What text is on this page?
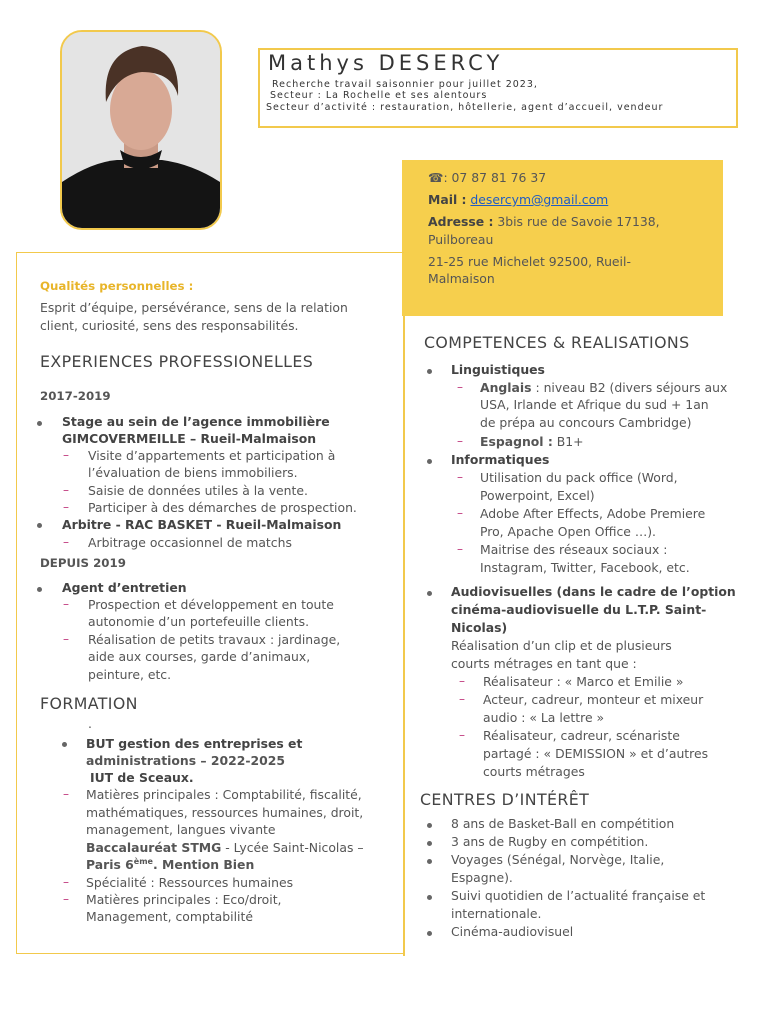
Mathys DESERCY
Recherche travail saisonnier pour juillet 2023,
Secteur : La Rochelle et ses alentours
Secteur d’activité : restauration, hôtellerie, agent d’accueil, vendeur
☎: 07 87 81 76 37
Mail : desercym@gmail.com
Adresse : 3bis rue de Savoie 17138,
Puilboreau
21-25 rue Michelet 92500, Rueil-
Malmaison
Qualités personnelles :
Esprit d’équipe, persévérance, sens de la relation
client, curiosité, sens des responsabilités.
EXPERIENCES PROFESSIONELLES
2017-2019
Stage au sein de l’agence immobilière
GIMCOVERMEILLE – Rueil-Malmaison
– Visite d’appartements et participation à
l’évaluation de biens immobiliers.
– Saisie de données utiles à la vente.
– Participer à des démarches de prospection.
Arbitre - RAC BASKET - Rueil-Malmaison
– Arbitrage occasionnel de matchs
DEPUIS 2019
Agent d’entretien
– Prospection et développement en toute
autonomie d’un portefeuille clients.
– Réalisation de petits travaux : jardinage,
aide aux courses, garde d’animaux,
peinture, etc.
FORMATION
.
BUT gestion des entreprises et
administrations – 2022-2025
IUT de Sceaux.
– Matières principales : Comptabilité, fiscalité,
mathématiques, ressources humaines, droit,
management, langues vivante
Baccalauréat STMG - Lycée Saint-Nicolas –
Paris 6ème. Mention Bien
– Spécialité : Ressources humaines
– Matières principales : Eco/droit,
Management, comptabilité
COMPETENCES & REALISATIONS
Linguistiques
– Anglais : niveau B2 (divers séjours aux
USA, Irlande et Afrique du sud + 1an
de prépa au concours Cambridge)
– Espagnol : B1+
Informatiques
– Utilisation du pack office (Word,
Powerpoint, Excel)
– Adobe After Effects, Adobe Premiere
Pro, Apache Open Office …).
– Maitrise des réseaux sociaux :
Instagram, Twitter, Facebook, etc.
Audiovisuelles (dans le cadre de l’option
cinéma-audiovisuelle du L.T.P. Saint-
Nicolas)
Réalisation d’un clip et de plusieurs
courts métrages en tant que :
– Réalisateur : « Marco et Emilie »
– Acteur, cadreur, monteur et mixeur
audio : « La lettre »
– Réalisateur, cadreur, scénariste
partagé : « DEMISSION » et d’autres
courts métrages
CENTRES D’INTÉRÊT
8 ans de Basket-Ball en compétition
3 ans de Rugby en compétition.
Voyages (Sénégal, Norvège, Italie,
Espagne).
Suivi quotidien de l’actualité française et
internationale.
Cinéma-audiovisuel
